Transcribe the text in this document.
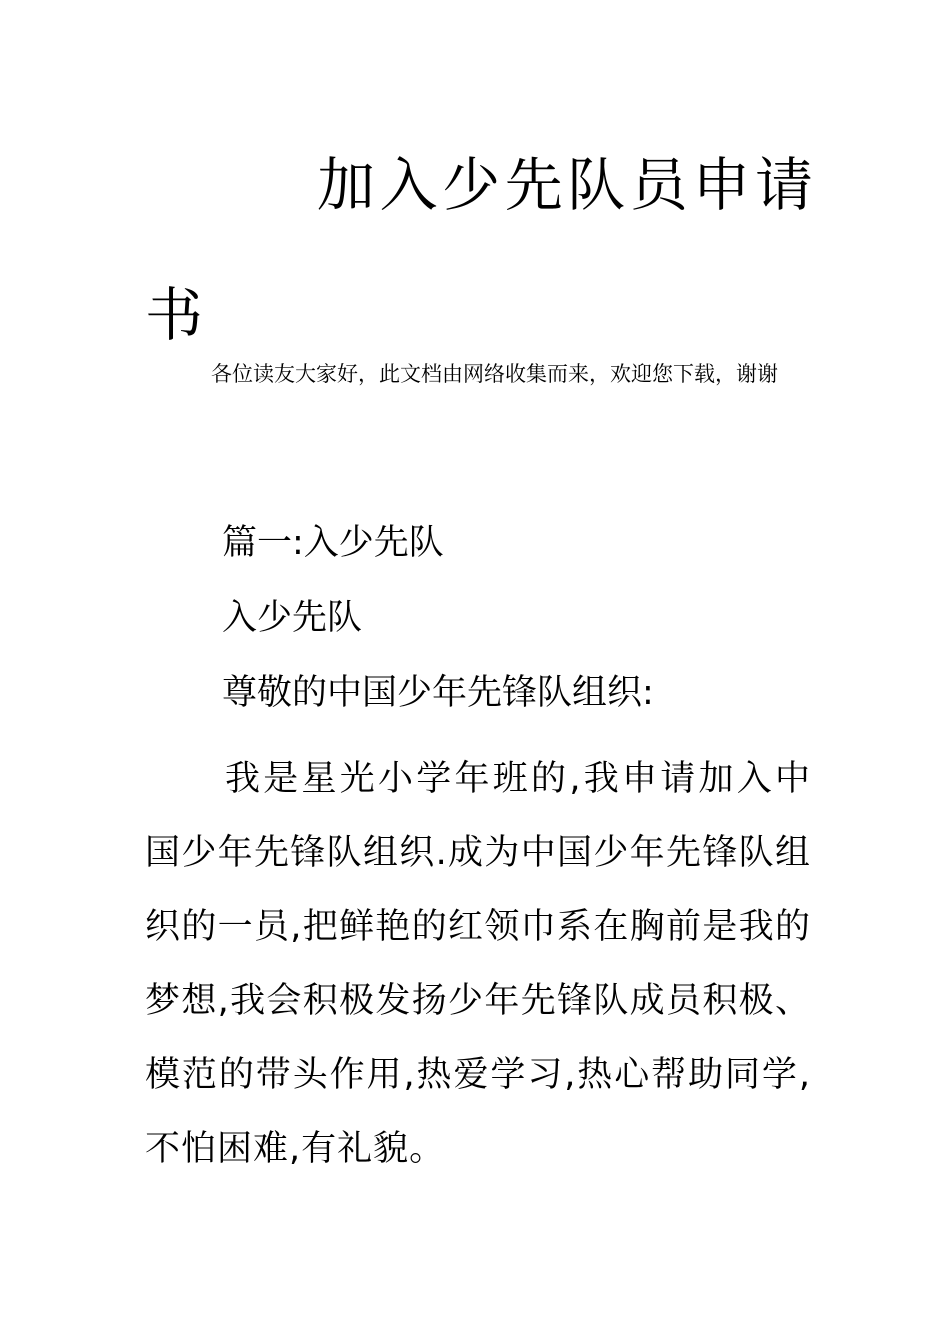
加入少先队员申请书

各位读友大家好，此文档由网络收集而来，欢迎您下载，谢谢

篇一:入少先队

入少先队

尊敬的中国少年先锋队组织:

我是星光小学年班的,我申请加入中国少年先锋队组织.成为中国少年先锋队组织的一员,把鲜艳的红领巾系在胸前是我的梦想,我会积极发扬少年先锋队成员积极、模范的带头作用,热爱学习,热心帮助同学,不怕困难,有礼貌。
